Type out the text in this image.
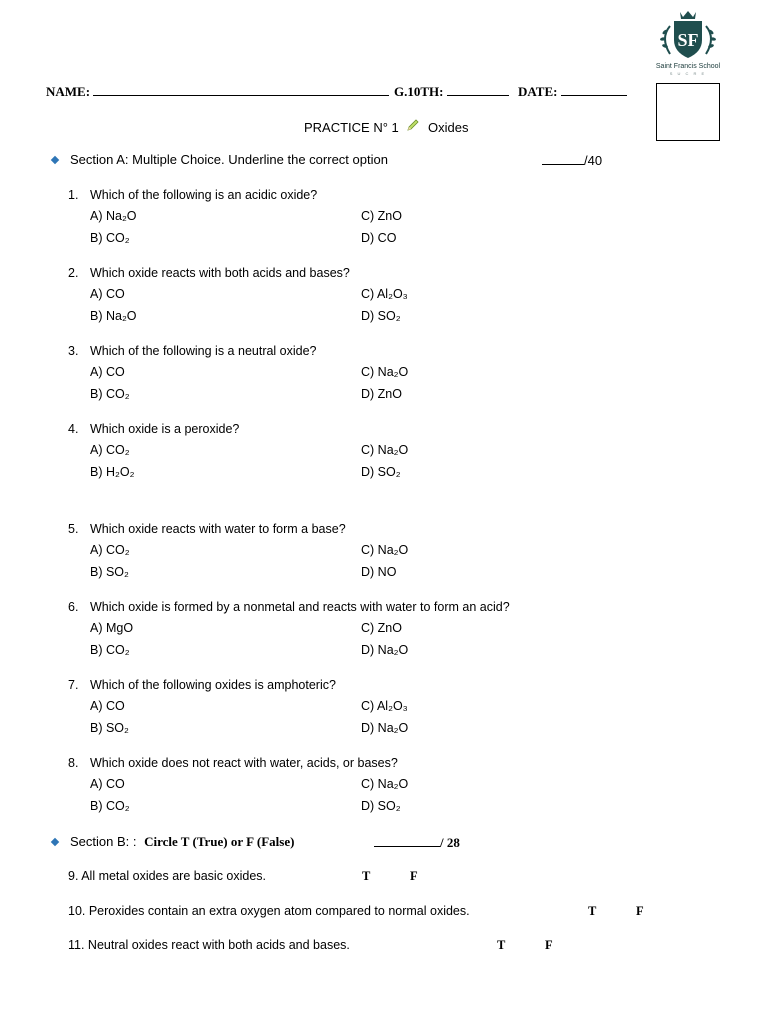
SF
Saint Francis School
S U C R E
NAME:	G.10TH:	DATE:
PRACTICE N° 1 Oxides
Section A: Multiple Choice. Underline the correct option	/40
1. Which of the following is an acidic oxide?
A) Na₂O	C) ZnO
B) CO₂	D) CO
2. Which oxide reacts with both acids and bases?
A) CO	C) Al₂O₃
B) Na₂O	D) SO₂
3. Which of the following is a neutral oxide?
A) CO	C) Na₂O
B) CO₂	D) ZnO
4. Which oxide is a peroxide?
A) CO₂	C) Na₂O
B) H₂O₂	D) SO₂
5. Which oxide reacts with water to form a base?
A) CO₂	C) Na₂O
B) SO₂	D) NO
6. Which oxide is formed by a nonmetal and reacts with water to form an acid?
A) MgO	C) ZnO
B) CO₂	D) Na₂O
7. Which of the following oxides is amphoteric?
A) CO	C) Al₂O₃
B) SO₂	D) Na₂O
8. Which oxide does not react with water, acids, or bases?
A) CO	C) Na₂O
B) CO₂	D) SO₂
Section B: : Circle T (True) or F (False)	/ 28
9. All metal oxides are basic oxides.	T	F
10. Peroxides contain an extra oxygen atom compared to normal oxides.	T	F
11. Neutral oxides react with both acids and bases.	T	F
